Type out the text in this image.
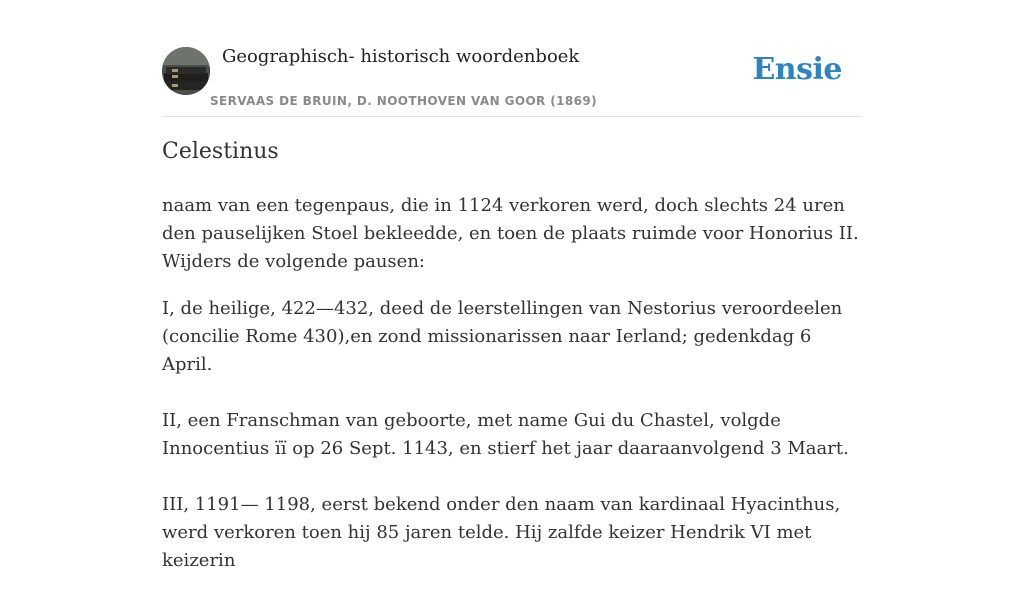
Geographisch- historisch woordenboek
SERVAAS DE BRUIN, D. NOOTHOVEN VAN GOOR (1869)
Ensie
Celestinus

naam van een tegenpaus, die in 1124 verkoren werd, doch slechts 24 uren den pauselijken Stoel bekleedde, en toen de plaats ruimde voor Honorius II. Wijders de volgende pausen:

I, de heilige, 422—432, deed de leerstellingen van Nestorius veroordeelen (concilie Rome 430),en zond missionarissen naar Ierland; gedenkdag 6 April.

II, een Franschman van geboorte, met name Gui du Chastel, volgde Innocentius ïï op 26 Sept. 1143, en stierf het jaar daaraanvolgend 3 Maart.

III, 1191— 1198, eerst bekend onder den naam van kardinaal Hyacinthus, werd verkoren toen hij 85 jaren telde. Hij zalfde keizer Hendrik VI met keizerin
